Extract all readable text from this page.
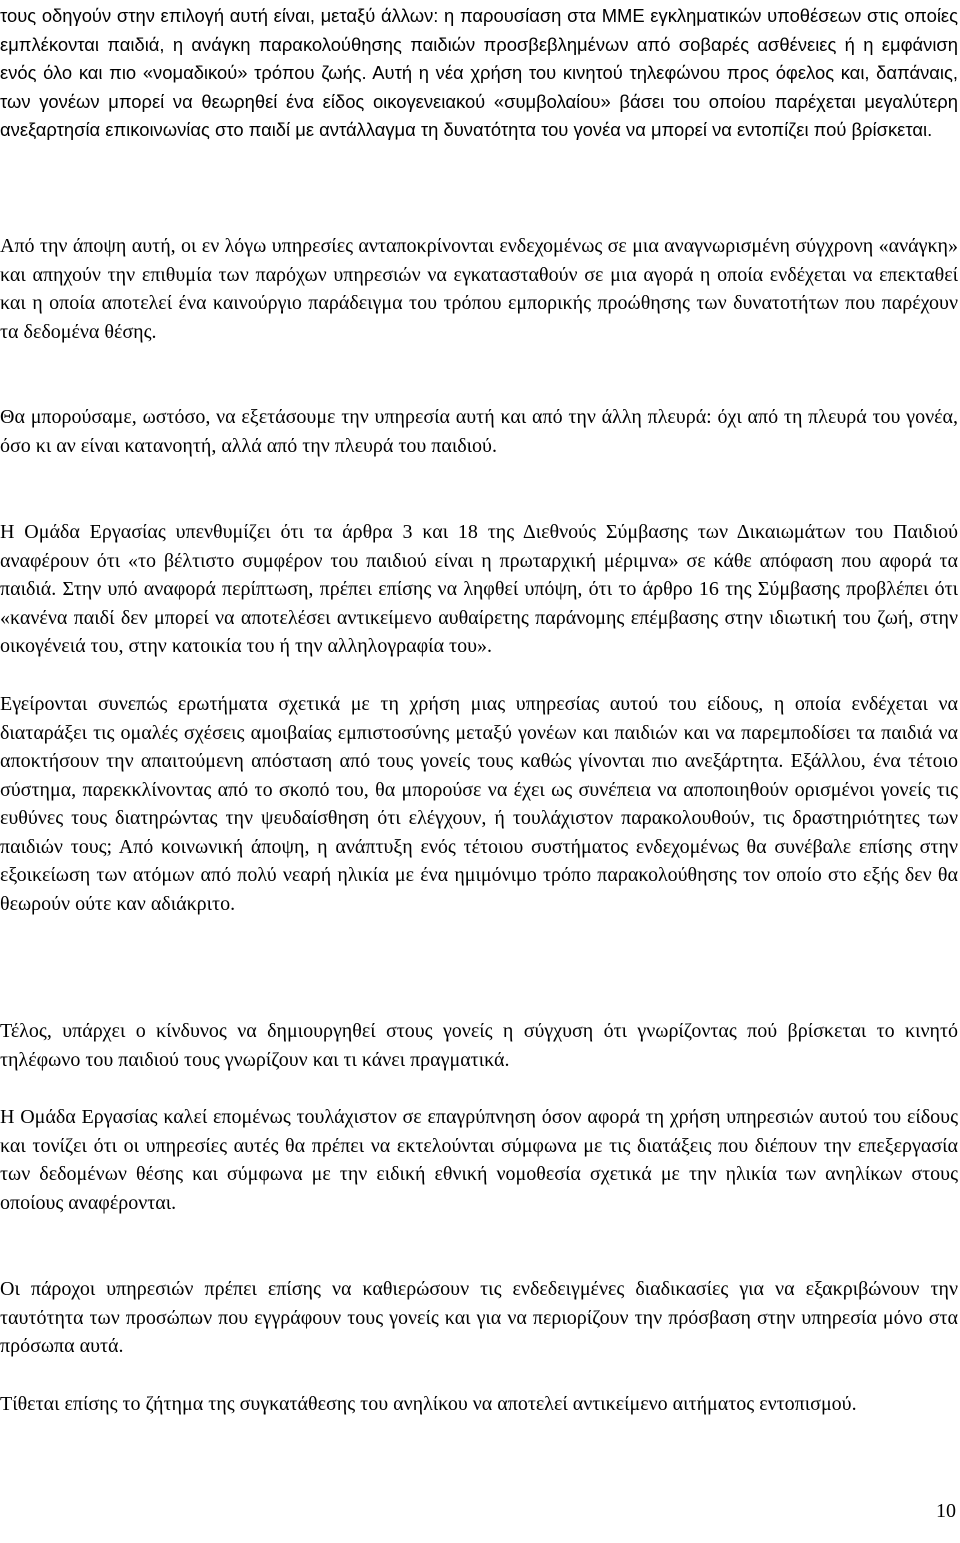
τους οδηγούν στην επιλογή αυτή είναι, μεταξύ άλλων: η παρουσίαση στα ΜΜΕ εγκληματικών υποθέσεων στις οποίες εμπλέκονται παιδιά, η ανάγκη παρακολούθησης παιδιών προσβεβλημένων από σοβαρές ασθένειες ή η εμφάνιση ενός όλο και πιο «νομαδικού» τρόπου ζωής. Αυτή η νέα χρήση του κινητού τηλεφώνου προς όφελος και, δαπάναις, των γονέων μπορεί να θεωρηθεί ένα είδος οικογενειακού «συμβολαίου» βάσει του οποίου παρέχεται μεγαλύτερη ανεξαρτησία επικοινωνίας στο παιδί με αντάλλαγμα τη δυνατότητα του γονέα να μπορεί να εντοπίζει πού βρίσκεται.

Από την άποψη αυτή, οι εν λόγω υπηρεσίες ανταποκρίνονται ενδεχομένως σε μια αναγνωρισμένη σύγχρονη «ανάγκη» και απηχούν την επιθυμία των παρόχων υπηρεσιών να εγκατασταθούν σε μια αγορά η οποία ενδέχεται να επεκταθεί και η οποία αποτελεί ένα καινούργιο παράδειγμα του τρόπου εμπορικής προώθησης των δυνατοτήτων που παρέχουν τα δεδομένα θέσης.

Θα μπορούσαμε, ωστόσο, να εξετάσουμε την υπηρεσία αυτή και από την άλλη πλευρά: όχι από τη πλευρά του γονέα, όσο κι αν είναι κατανοητή, αλλά από την πλευρά του παιδιού.

Η Ομάδα Εργασίας υπενθυμίζει ότι τα άρθρα 3 και 18 της Διεθνούς Σύμβασης των Δικαιωμάτων του Παιδιού αναφέρουν ότι «το βέλτιστο συμφέρον του παιδιού είναι η πρωταρχική μέριμνα» σε κάθε απόφαση που αφορά τα παιδιά. Στην υπό αναφορά περίπτωση, πρέπει επίσης να ληφθεί υπόψη, ότι το άρθρο 16 της Σύμβασης προβλέπει ότι «κανένα παιδί δεν μπορεί να αποτελέσει αντικείμενο αυθαίρετης παράνομης επέμβασης στην ιδιωτική του ζωή, στην οικογένειά του, στην κατοικία του ή την αλληλογραφία του».

Εγείρονται συνεπώς ερωτήματα σχετικά με τη χρήση μιας υπηρεσίας αυτού του είδους, η οποία ενδέχεται να διαταράξει τις ομαλές σχέσεις αμοιβαίας εμπιστοσύνης μεταξύ γονέων και παιδιών και να παρεμποδίσει τα παιδιά να αποκτήσουν την απαιτούμενη απόσταση από τους γονείς τους καθώς γίνονται πιο ανεξάρτητα. Εξάλλου, ένα τέτοιο σύστημα, παρεκκλίνοντας από το σκοπό του, θα μπορούσε να έχει ως συνέπεια να αποποιηθούν ορισμένοι γονείς τις ευθύνες τους διατηρώντας την ψευδαίσθηση ότι ελέγχουν, ή τουλάχιστον παρακολουθούν, τις δραστηριότητες των παιδιών τους; Από κοινωνική άποψη, η ανάπτυξη ενός τέτοιου συστήματος ενδεχομένως θα συνέβαλε επίσης στην εξοικείωση των ατόμων από πολύ νεαρή ηλικία με ένα ημιμόνιμο τρόπο παρακολούθησης τον οποίο στο εξής δεν θα θεωρούν ούτε καν αδιάκριτο.

Τέλος, υπάρχει ο κίνδυνος να δημιουργηθεί στους γονείς η σύγχυση ότι γνωρίζοντας πού βρίσκεται το κινητό τηλέφωνο του παιδιού τους γνωρίζουν και τι κάνει πραγματικά.

Η Ομάδα Εργασίας καλεί επομένως τουλάχιστον σε επαγρύπνηση όσον αφορά τη χρήση υπηρεσιών αυτού του είδους και τονίζει ότι οι υπηρεσίες αυτές θα πρέπει να εκτελούνται σύμφωνα με τις διατάξεις που διέπουν την επεξεργασία των δεδομένων θέσης και σύμφωνα με την ειδική εθνική νομοθεσία σχετικά με την ηλικία των ανηλίκων στους οποίους αναφέρονται.

Οι πάροχοι υπηρεσιών πρέπει επίσης να καθιερώσουν τις ενδεδειγμένες διαδικασίες για να εξακριβώνουν την ταυτότητα των προσώπων που εγγράφουν τους γονείς και για να περιορίζουν την πρόσβαση στην υπηρεσία μόνο στα πρόσωπα αυτά.

Τίθεται επίσης το ζήτημα της συγκατάθεσης του ανηλίκου να αποτελεί αντικείμενο αιτήματος εντοπισμού.

10
